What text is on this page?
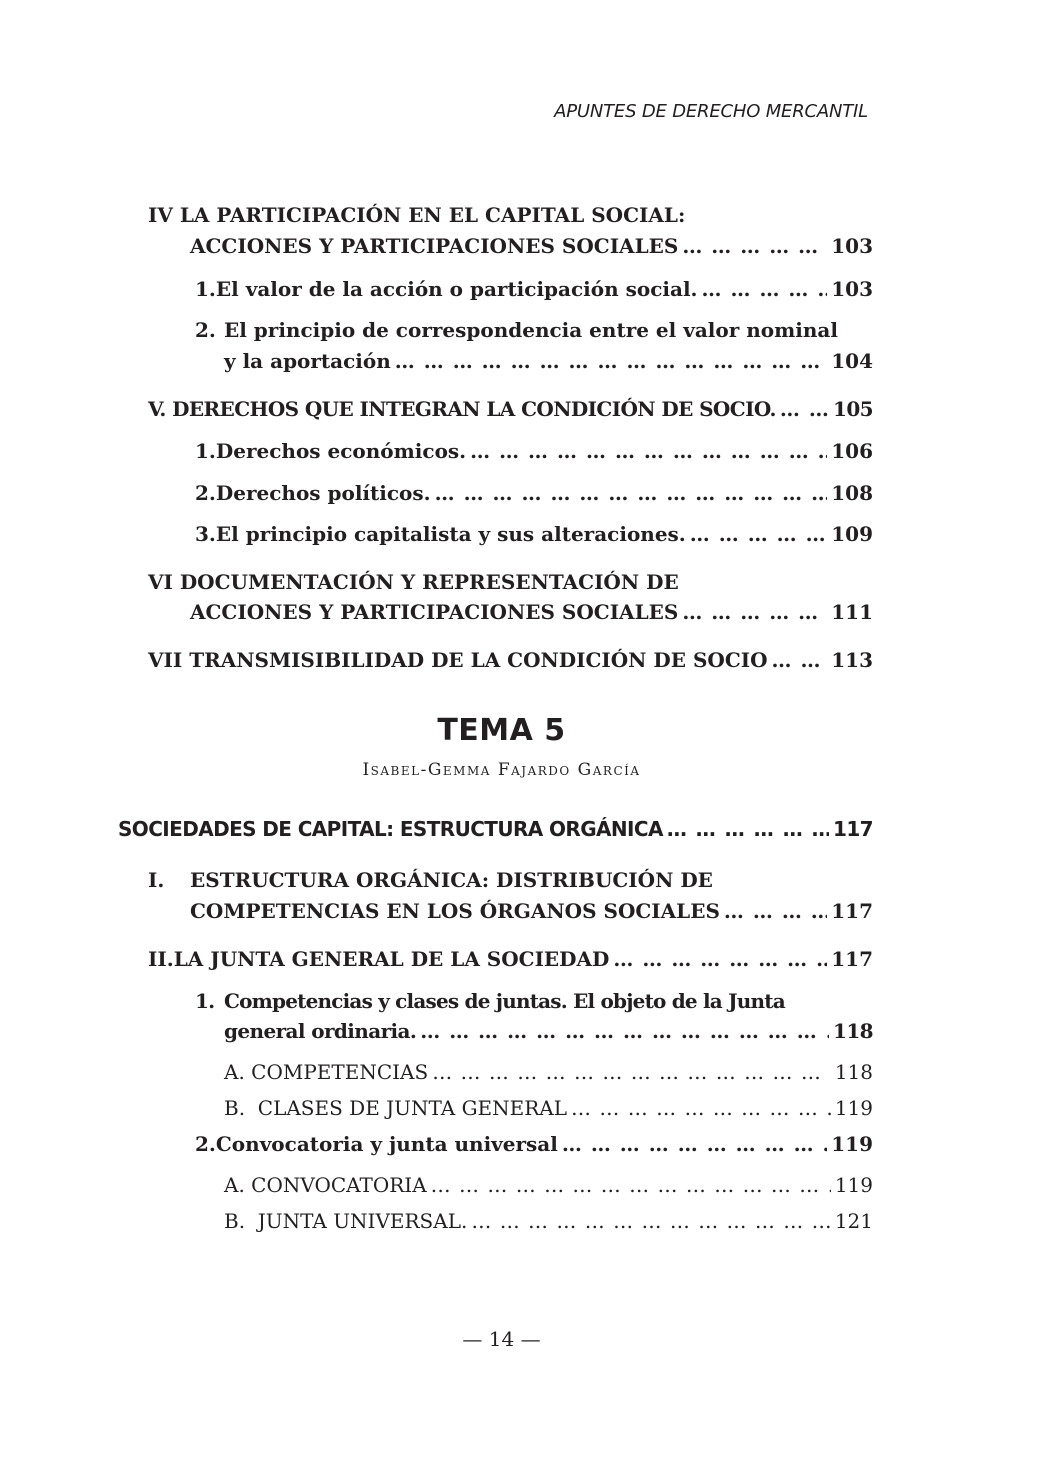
APUNTES DE DERECHO MERCANTIL
IV LA PARTICIPACIÓN EN EL CAPITAL SOCIAL:
ACCIONES Y PARTICIPACIONES SOCIALES … … … … … … … … … … … … … … … … … … … … … … … … … … … … … … … … … … … … … … … … … … … … … … … …	103
1. El valor de la acción o participación social. … … … … … … … … … … … … … … … … … … … … … … … … … … … … … … … … … … … … … … … … … … … … … … … …	103
2. El principio de correspondencia entre el valor nominal
y la aportación … … … … … … … … … … … … … … … … … … … … … … … … … … … … … … … … … … … … … … … … … … … … … … … …	104
V. DERECHOS QUE INTEGRAN LA CONDICIÓN DE SOCIO. … … … … … … … … … … … … … … … … … … … … … … … … … … … … … … … … … … … … … … … … … … … … … … … …	105
1. Derechos económicos. … … … … … … … … … … … … … … … … … … … … … … … … … … … … … … … … … … … … … … … … … … … … … … … …	106
2. Derechos políticos. … … … … … … … … … … … … … … … … … … … … … … … … … … … … … … … … … … … … … … … … … … … … … … … …	108
3. El principio capitalista y sus alteraciones. … … … … … … … … … … … … … … … … … … … … … … … … … … … … … … … … … … … … … … … … … … … … … … … …	109
VI DOCUMENTACIÓN Y REPRESENTACIÓN DE
ACCIONES Y PARTICIPACIONES SOCIALES … … … … … … … … … … … … … … … … … … … … … … … … … … … … … … … … … … … … … … … … … … … … … … … …	111
VII TRANSMISIBILIDAD DE LA CONDICIÓN DE SOCIO … … … … … … … … … … … … … … … … … … … … … … … … … … … … … … … … … … … … … … … … … … … … … … … …	113
TEMA 5
Isabel-Gemma Fajardo García
SOCIEDADES DE CAPITAL: ESTRUCTURA ORGÁNICA … … … … … … … … … … … … … … … … … … … … … … … … … … … … … … … … … … … … … … … … … … … … … … … …	117
I. ESTRUCTURA ORGÁNICA: DISTRIBUCIÓN DE
COMPETENCIAS EN LOS ÓRGANOS SOCIALES … … … … … … … … … … … … … … … … … … … … … … … … … … … … … … … … … … … … … … … … … … … … … … … …	117
II. LA JUNTA GENERAL DE LA SOCIEDAD … … … … … … … … … … … … … … … … … … … … … … … … … … … … … … … … … … … … … … … … … … … … … … … …	117
1. Competencias y clases de juntas. El objeto de la Junta
general ordinaria. … … … … … … … … … … … … … … … … … … … … … … … … … … … … … … … … … … … … … … … … … … … … … … … …	118
A. COMPETENCIAS … … … … … … … … … … … … … … … … … … … … … … … … … … … … … … … … … … … … … … … … … … … … … … … …	118
B.  CLASES DE JUNTA GENERAL … … … … … … … … … … … … … … … … … … … … … … … … … … … … … … … … … … … … … … … … … … … … … … … …	119
2. Convocatoria y junta universal … … … … … … … … … … … … … … … … … … … … … … … … … … … … … … … … … … … … … … … … … … … … … … … …	119
A. CONVOCATORIA … … … … … … … … … … … … … … … … … … … … … … … … … … … … … … … … … … … … … … … … … … … … … … … …	119
B.  JUNTA UNIVERSAL. … … … … … … … … … … … … … … … … … … … … … … … … … … … … … … … … … … … … … … … … … … … … … … … …	121
— 14 —
